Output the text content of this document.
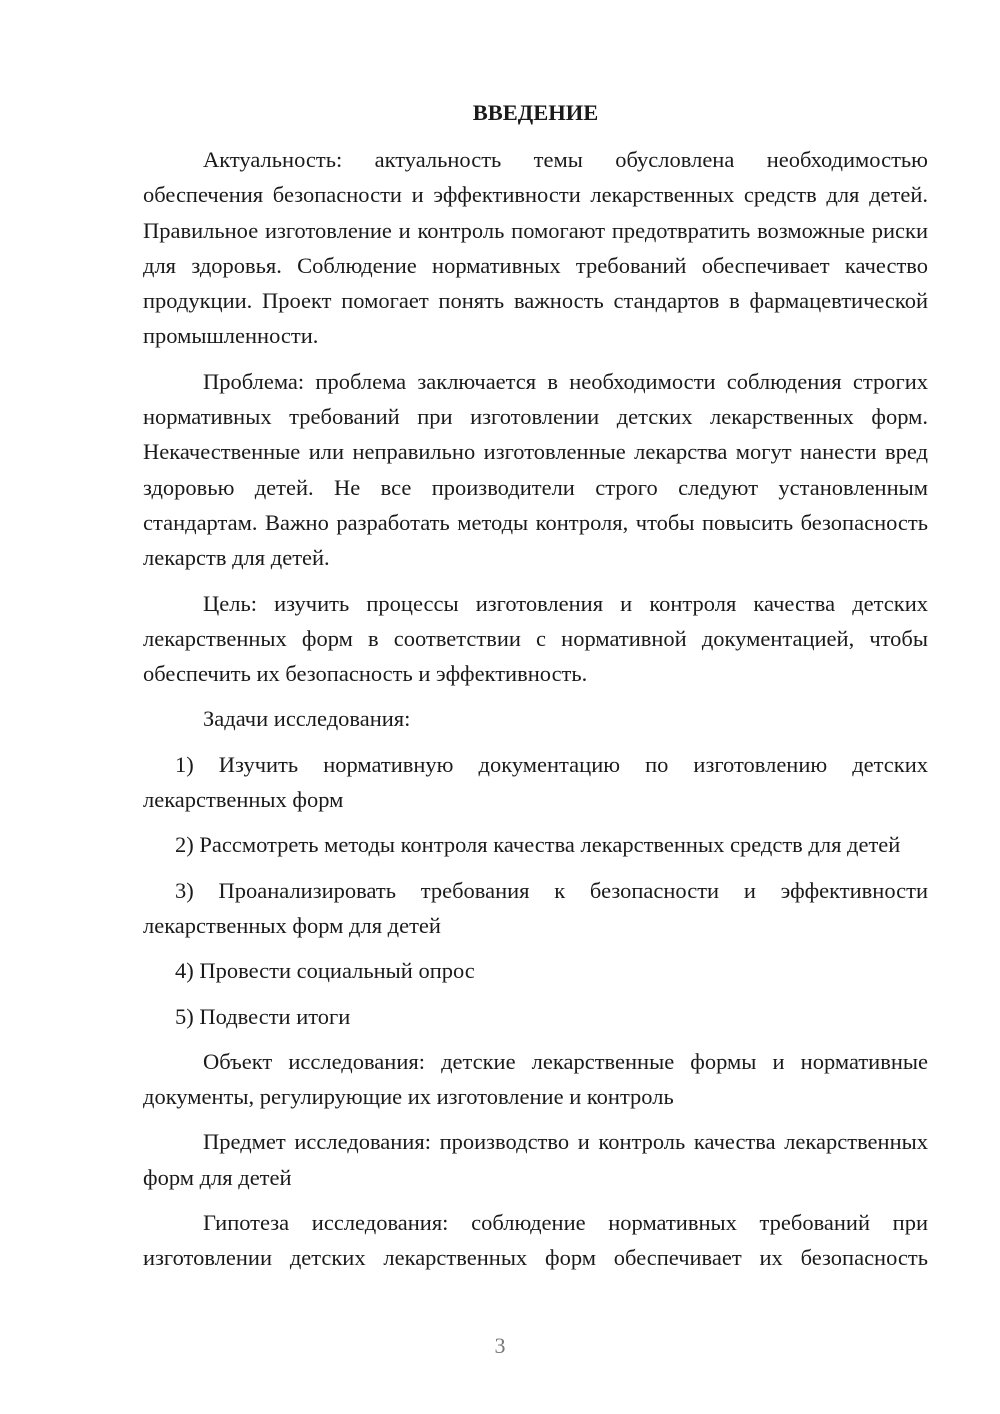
ВВЕДЕНИЕ

Актуальность: актуальность темы обусловлена необходимостью обеспечения безопасности и эффективности лекарственных средств для детей. Правильное изготовление и контроль помогают предотвратить возможные риски для здоровья. Соблюдение нормативных требований обеспечивает качество продукции. Проект помогает понять важность стандартов в фармацевтической промышленности.

Проблема: проблема заключается в необходимости соблюдения строгих нормативных требований при изготовлении детских лекарственных форм. Некачественные или неправильно изготовленные лекарства могут нанести вред здоровью детей. Не все производители строго следуют установленным стандартам. Важно разработать методы контроля, чтобы повысить безопасность лекарств для детей.

Цель: изучить процессы изготовления и контроля качества детских лекарственных форм в соответствии с нормативной документацией, чтобы обеспечить их безопасность и эффективность.

Задачи исследования:

1) Изучить нормативную документацию по изготовлению детских лекарственных форм

2) Рассмотреть методы контроля качества лекарственных средств для детей

3) Проанализировать требования к безопасности и эффективности лекарственных форм для детей

4) Провести социальный опрос

5) Подвести итоги

Объект исследования: детские лекарственные формы и нормативные документы, регулирующие их изготовление и контроль

Предмет исследования: производство и контроль качества лекарственных форм для детей

Гипотеза исследования: соблюдение нормативных требований при изготовлении детских лекарственных форм обеспечивает их безопасность

3
